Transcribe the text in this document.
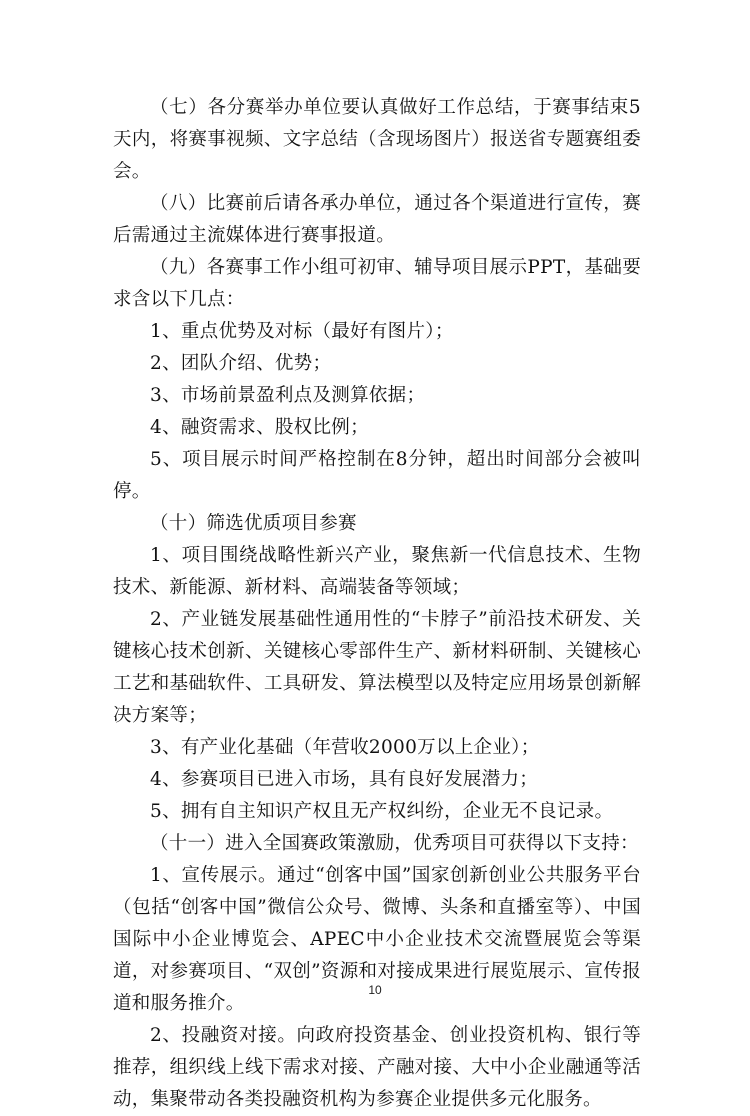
（七）各分赛举办单位要认真做好工作总结，于赛事结束5天内，将赛事视频、文字总结（含现场图片）报送省专题赛组委会。

（八）比赛前后请各承办单位，通过各个渠道进行宣传，赛后需通过主流媒体进行赛事报道。

（九）各赛事工作小组可初审、辅导项目展示PPT，基础要求含以下几点：

1、重点优势及对标（最好有图片）；

2、团队介绍、优势；

3、市场前景盈利点及测算依据；

4、融资需求、股权比例；

5、项目展示时间严格控制在8分钟，超出时间部分会被叫停。

（十）筛选优质项目参赛

1、项目围绕战略性新兴产业，聚焦新一代信息技术、生物技术、新能源、新材料、高端装备等领域；

2、产业链发展基础性通用性的“卡脖子”前沿技术研发、关键核心技术创新、关键核心零部件生产、新材料研制、关键核心工艺和基础软件、工具研发、算法模型以及特定应用场景创新解决方案等；

3、有产业化基础（年营收2000万以上企业）；

4、参赛项目已进入市场，具有良好发展潜力；

5、拥有自主知识产权且无产权纠纷，企业无不良记录。

（十一）进入全国赛政策激励，优秀项目可获得以下支持：

1、宣传展示。通过“创客中国”国家创新创业公共服务平台（包括“创客中国”微信公众号、微博、头条和直播室等）、中国国际中小企业博览会、APEC中小企业技术交流暨展览会等渠道，对参赛项目、“双创”资源和对接成果进行展览展示、宣传报道和服务推介。

2、投融资对接。向政府投资基金、创业投资机构、银行等推荐，组织线上线下需求对接、产融对接、大中小企业融通等活动，集聚带动各类投融资机构为参赛企业提供多元化服务。

10
